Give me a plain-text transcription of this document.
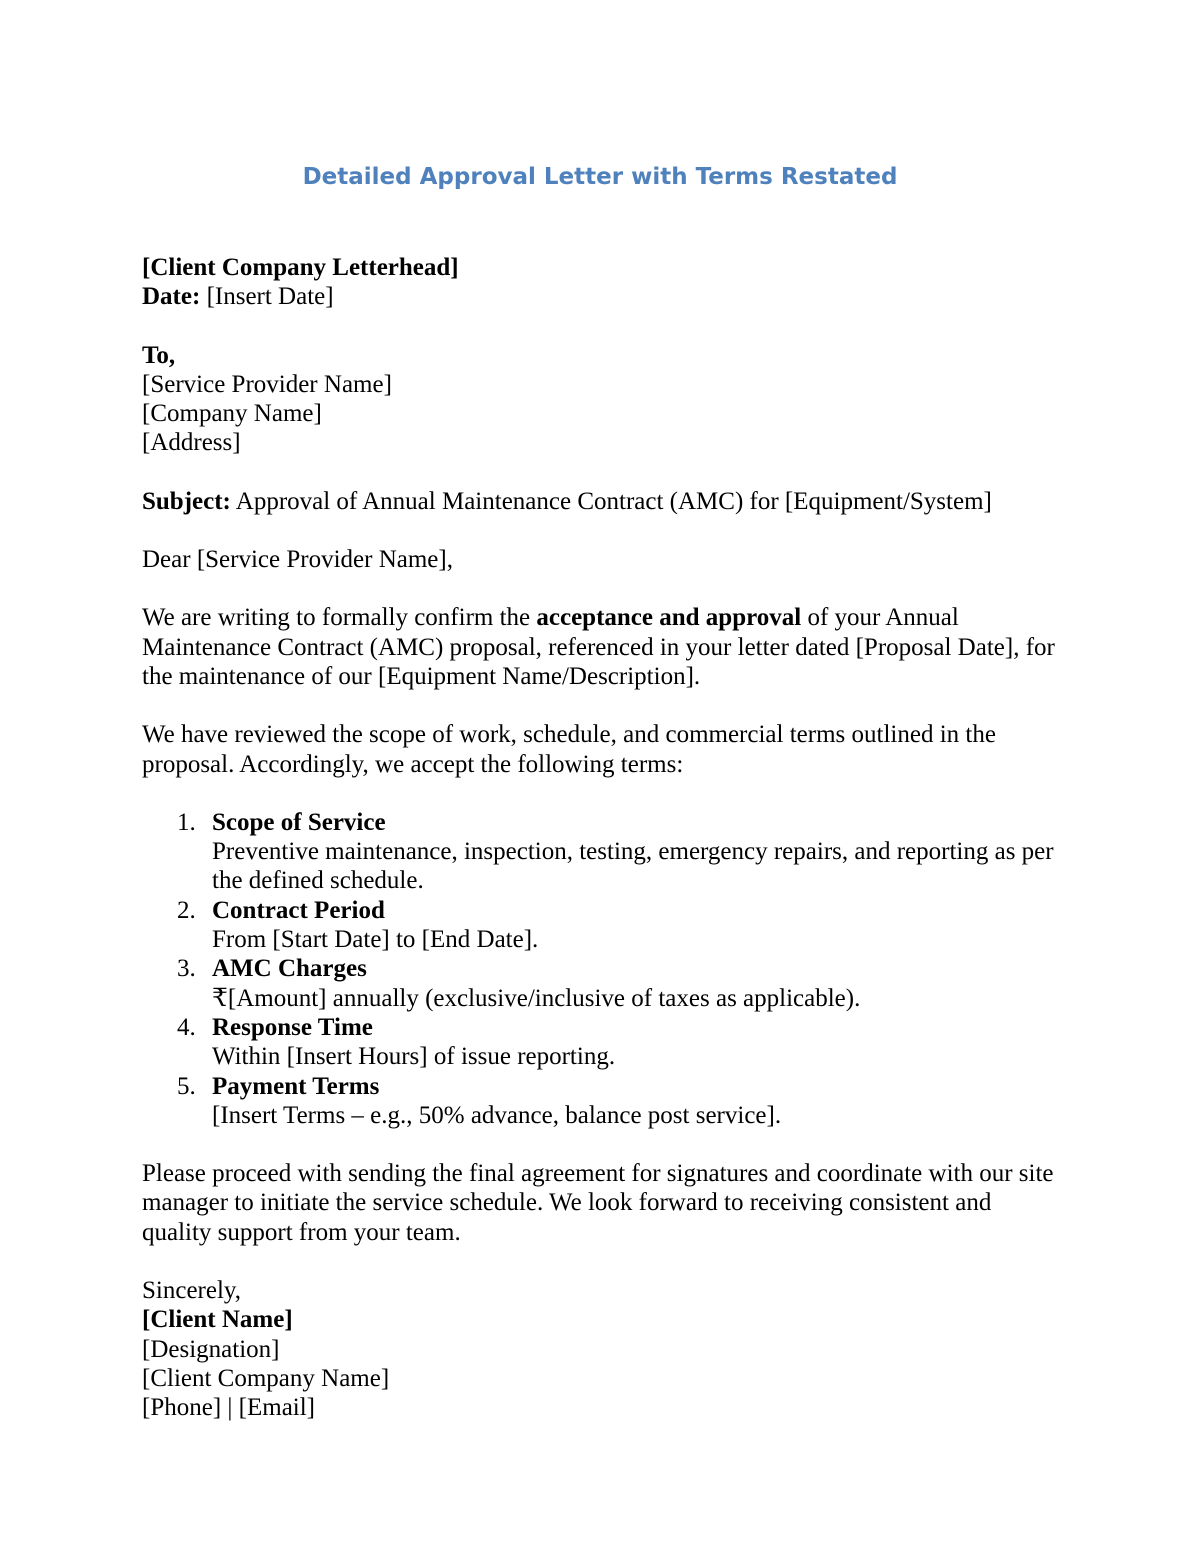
Detailed Approval Letter with Terms Restated

[Client Company Letterhead]

Date: [Insert Date]

To,

[Service Provider Name]

[Company Name]

[Address]

Subject: Approval of Annual Maintenance Contract (AMC) for [Equipment/System]

Dear [Service Provider Name],

We are writing to formally confirm the acceptance and approval of your Annual Maintenance Contract (AMC) proposal, referenced in your letter dated [Proposal Date], for the maintenance of our [Equipment Name/Description].

We have reviewed the scope of work, schedule, and commercial terms outlined in the proposal. Accordingly, we accept the following terms:

1. Scope of Service
Preventive maintenance, inspection, testing, emergency repairs, and reporting as per the defined schedule.
2. Contract Period
From [Start Date] to [End Date].
3. AMC Charges
₹[Amount] annually (exclusive/inclusive of taxes as applicable).
4. Response Time
Within [Insert Hours] of issue reporting.
5. Payment Terms
[Insert Terms – e.g., 50% advance, balance post service].

Please proceed with sending the final agreement for signatures and coordinate with our site manager to initiate the service schedule. We look forward to receiving consistent and quality support from your team.

Sincerely,

[Client Name]

[Designation]

[Client Company Name]

[Phone] | [Email]
